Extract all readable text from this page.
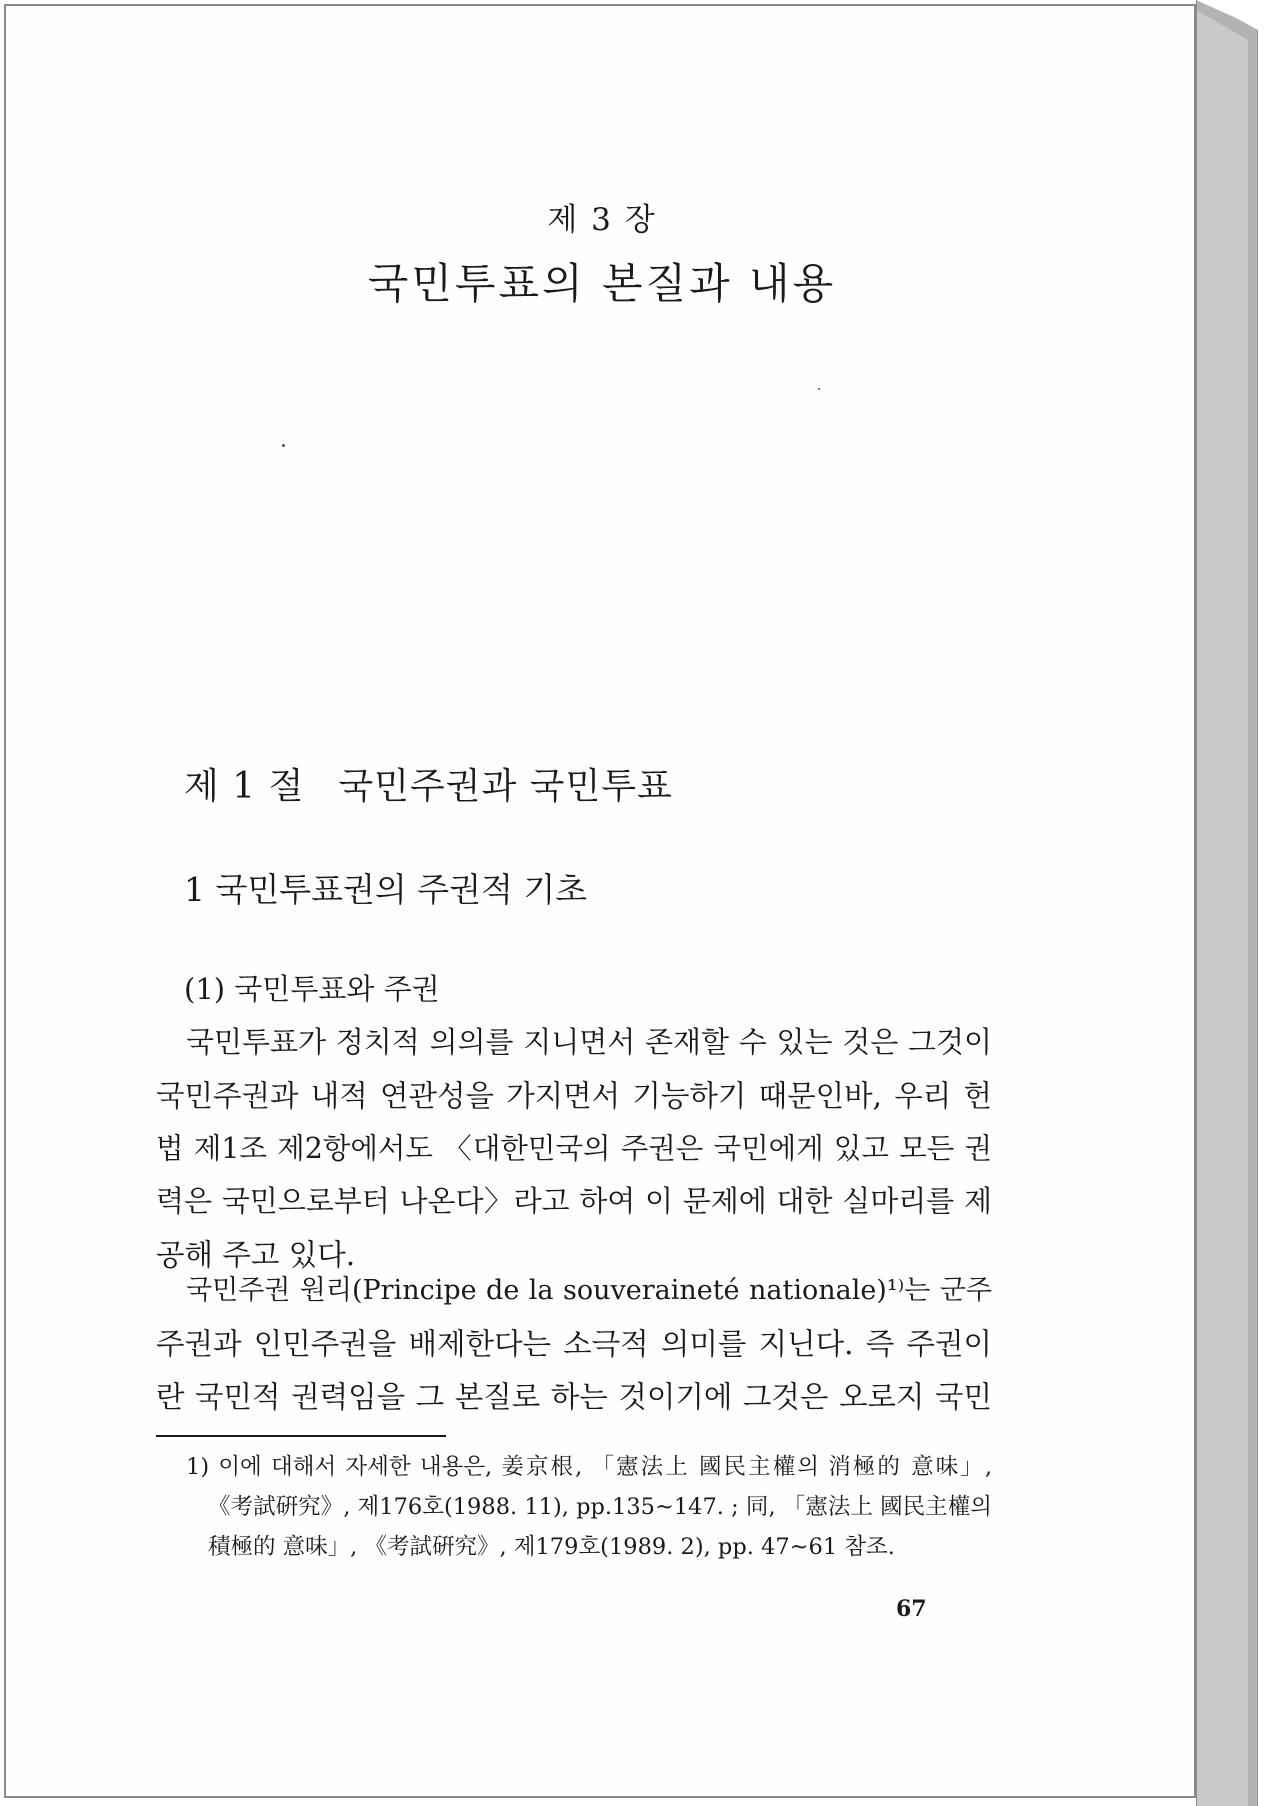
제 3 장
국민투표의 본질과 내용
제 1 절 국민주권과 국민투표
1 국민투표권의 주권적 기초
(1) 국민투표와 주권
국민투표가 정치적 의의를 지니면서 존재할 수 있는 것은 그것이
국민주권과 내적 연관성을 가지면서 기능하기 때문인바, 우리 헌
법 제1조 제2항에서도 〈대한민국의 주권은 국민에게 있고 모든 권
력은 국민으로부터 나온다〉라고 하여 이 문제에 대한 실마리를 제
공해 주고 있다.
국민주권 원리(Principe de la souveraineté nationale)¹⁾는 군주
주권과 인민주권을 배제한다는 소극적 의미를 지닌다. 즉 주권이
란 국민적 권력임을 그 본질로 하는 것이기에 그것은 오로지 국민
1) 이에 대해서 자세한 내용은, 姜京根, 「憲法上 國民主權의 消極的 意味」,
《考試硏究》, 제176호(1988. 11), pp.135~147. ; 同, 「憲法上 國民主權의
積極的 意味」, 《考試硏究》, 제179호(1989. 2), pp. 47~61 참조.
67
